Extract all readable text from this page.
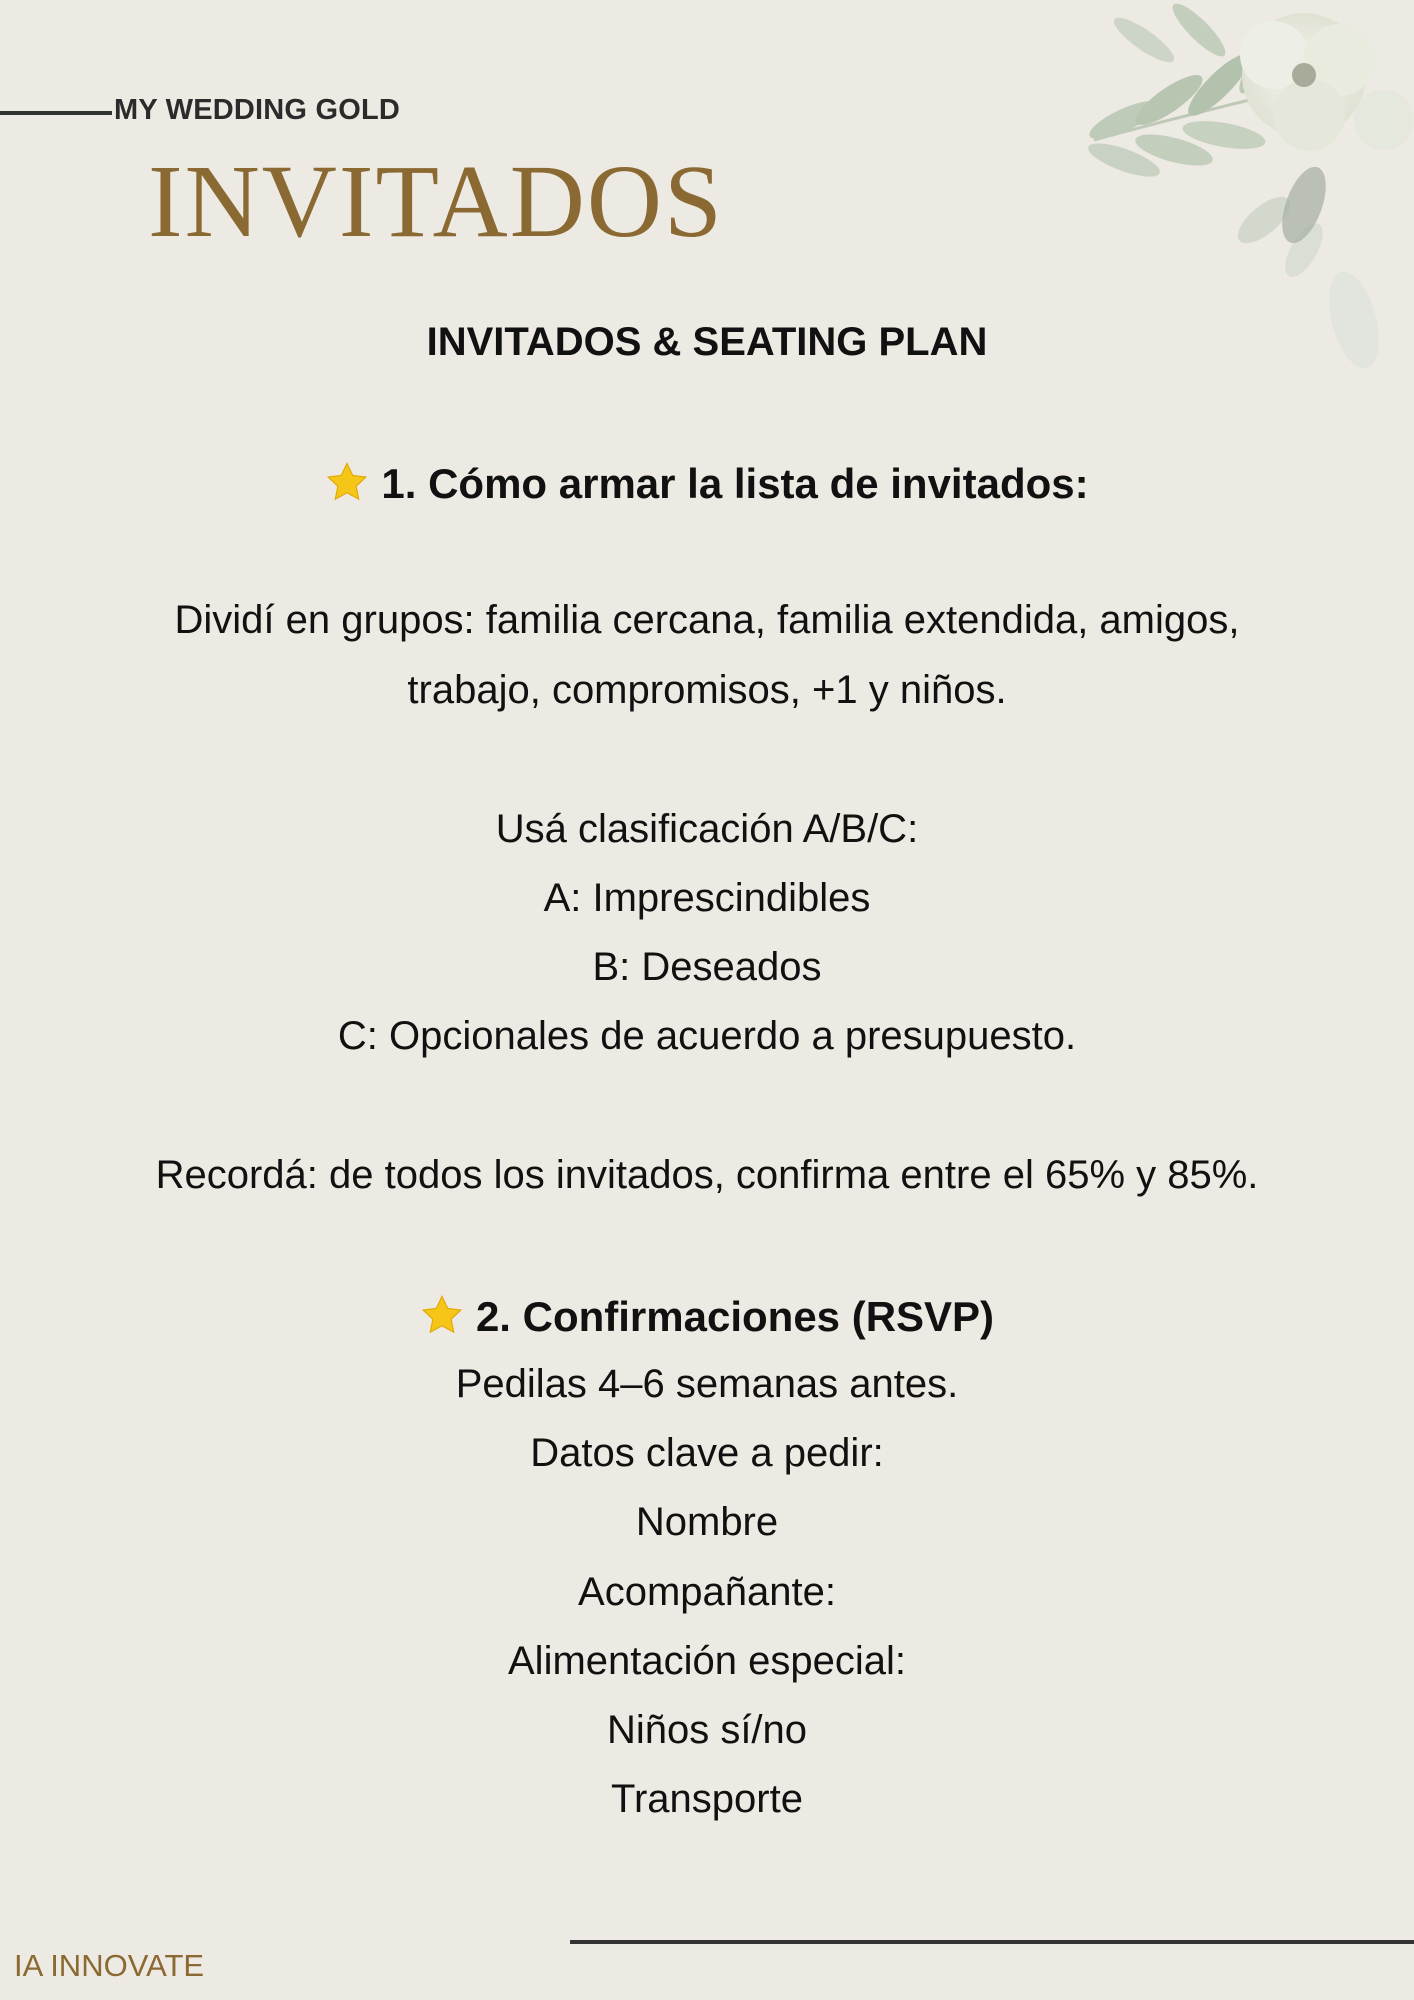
MY WEDDING GOLD
INVITADOS
INVITADOS & SEATING PLAN
1. Cómo armar la lista de invitados:
Dividí en grupos: familia cercana, familia extendida, amigos,
trabajo, compromisos, +1 y niños.
Usá clasificación A/B/C:
A: Imprescindibles
B: Deseados
C: Opcionales de acuerdo a presupuesto.
Recordá: de todos los invitados, confirma entre el 65% y 85%.
2. Confirmaciones (RSVP)
Pedilas 4–6 semanas antes.
Datos clave a pedir:
Nombre
Acompañante:
Alimentación especial:
Niños sí/no
Transporte
IA INNOVATE
